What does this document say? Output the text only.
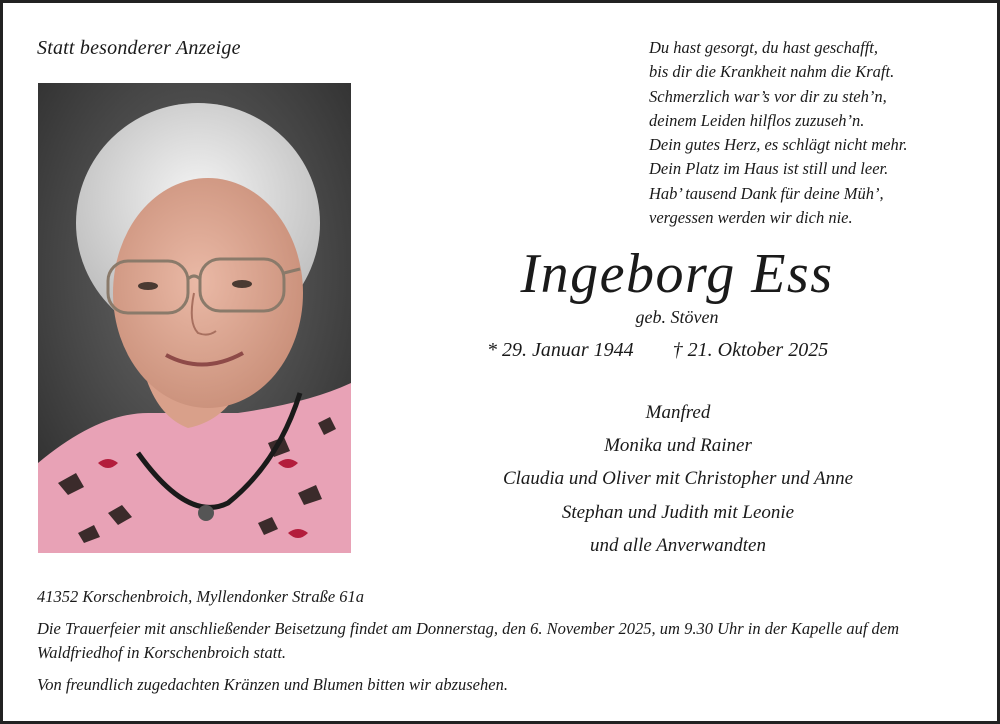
Statt besonderer Anzeige	Du hast gesorgt, du hast geschafft,
bis dir die Krankheit nahm die Kraft.
Schmerzlich war’s vor dir zu steh’n,
deinem Leiden hilflos zuzuseh’n.
Dein gutes Herz, es schlägt nicht mehr.
Dein Platz im Haus ist still und leer.
Hab’ tausend Dank für deine Müh’,
vergessen werden wir dich nie.
Ingeborg Ess
geb. Stöven
* 29. Januar 1944 † 21. Oktober 2025
Manfred
Monika und Rainer
Claudia und Oliver mit Christopher und Anne
Stephan und Judith mit Leonie
und alle Anverwandten
41352 Korschenbroich, Myllendonker Straße 61a
Die Trauerfeier mit anschließender Beisetzung findet am Donnerstag, den 6. November 2025, um 9.30 Uhr in der Kapelle auf dem Waldfriedhof in Korschenbroich statt.
Von freundlich zugedachten Kränzen und Blumen bitten wir abzusehen.
